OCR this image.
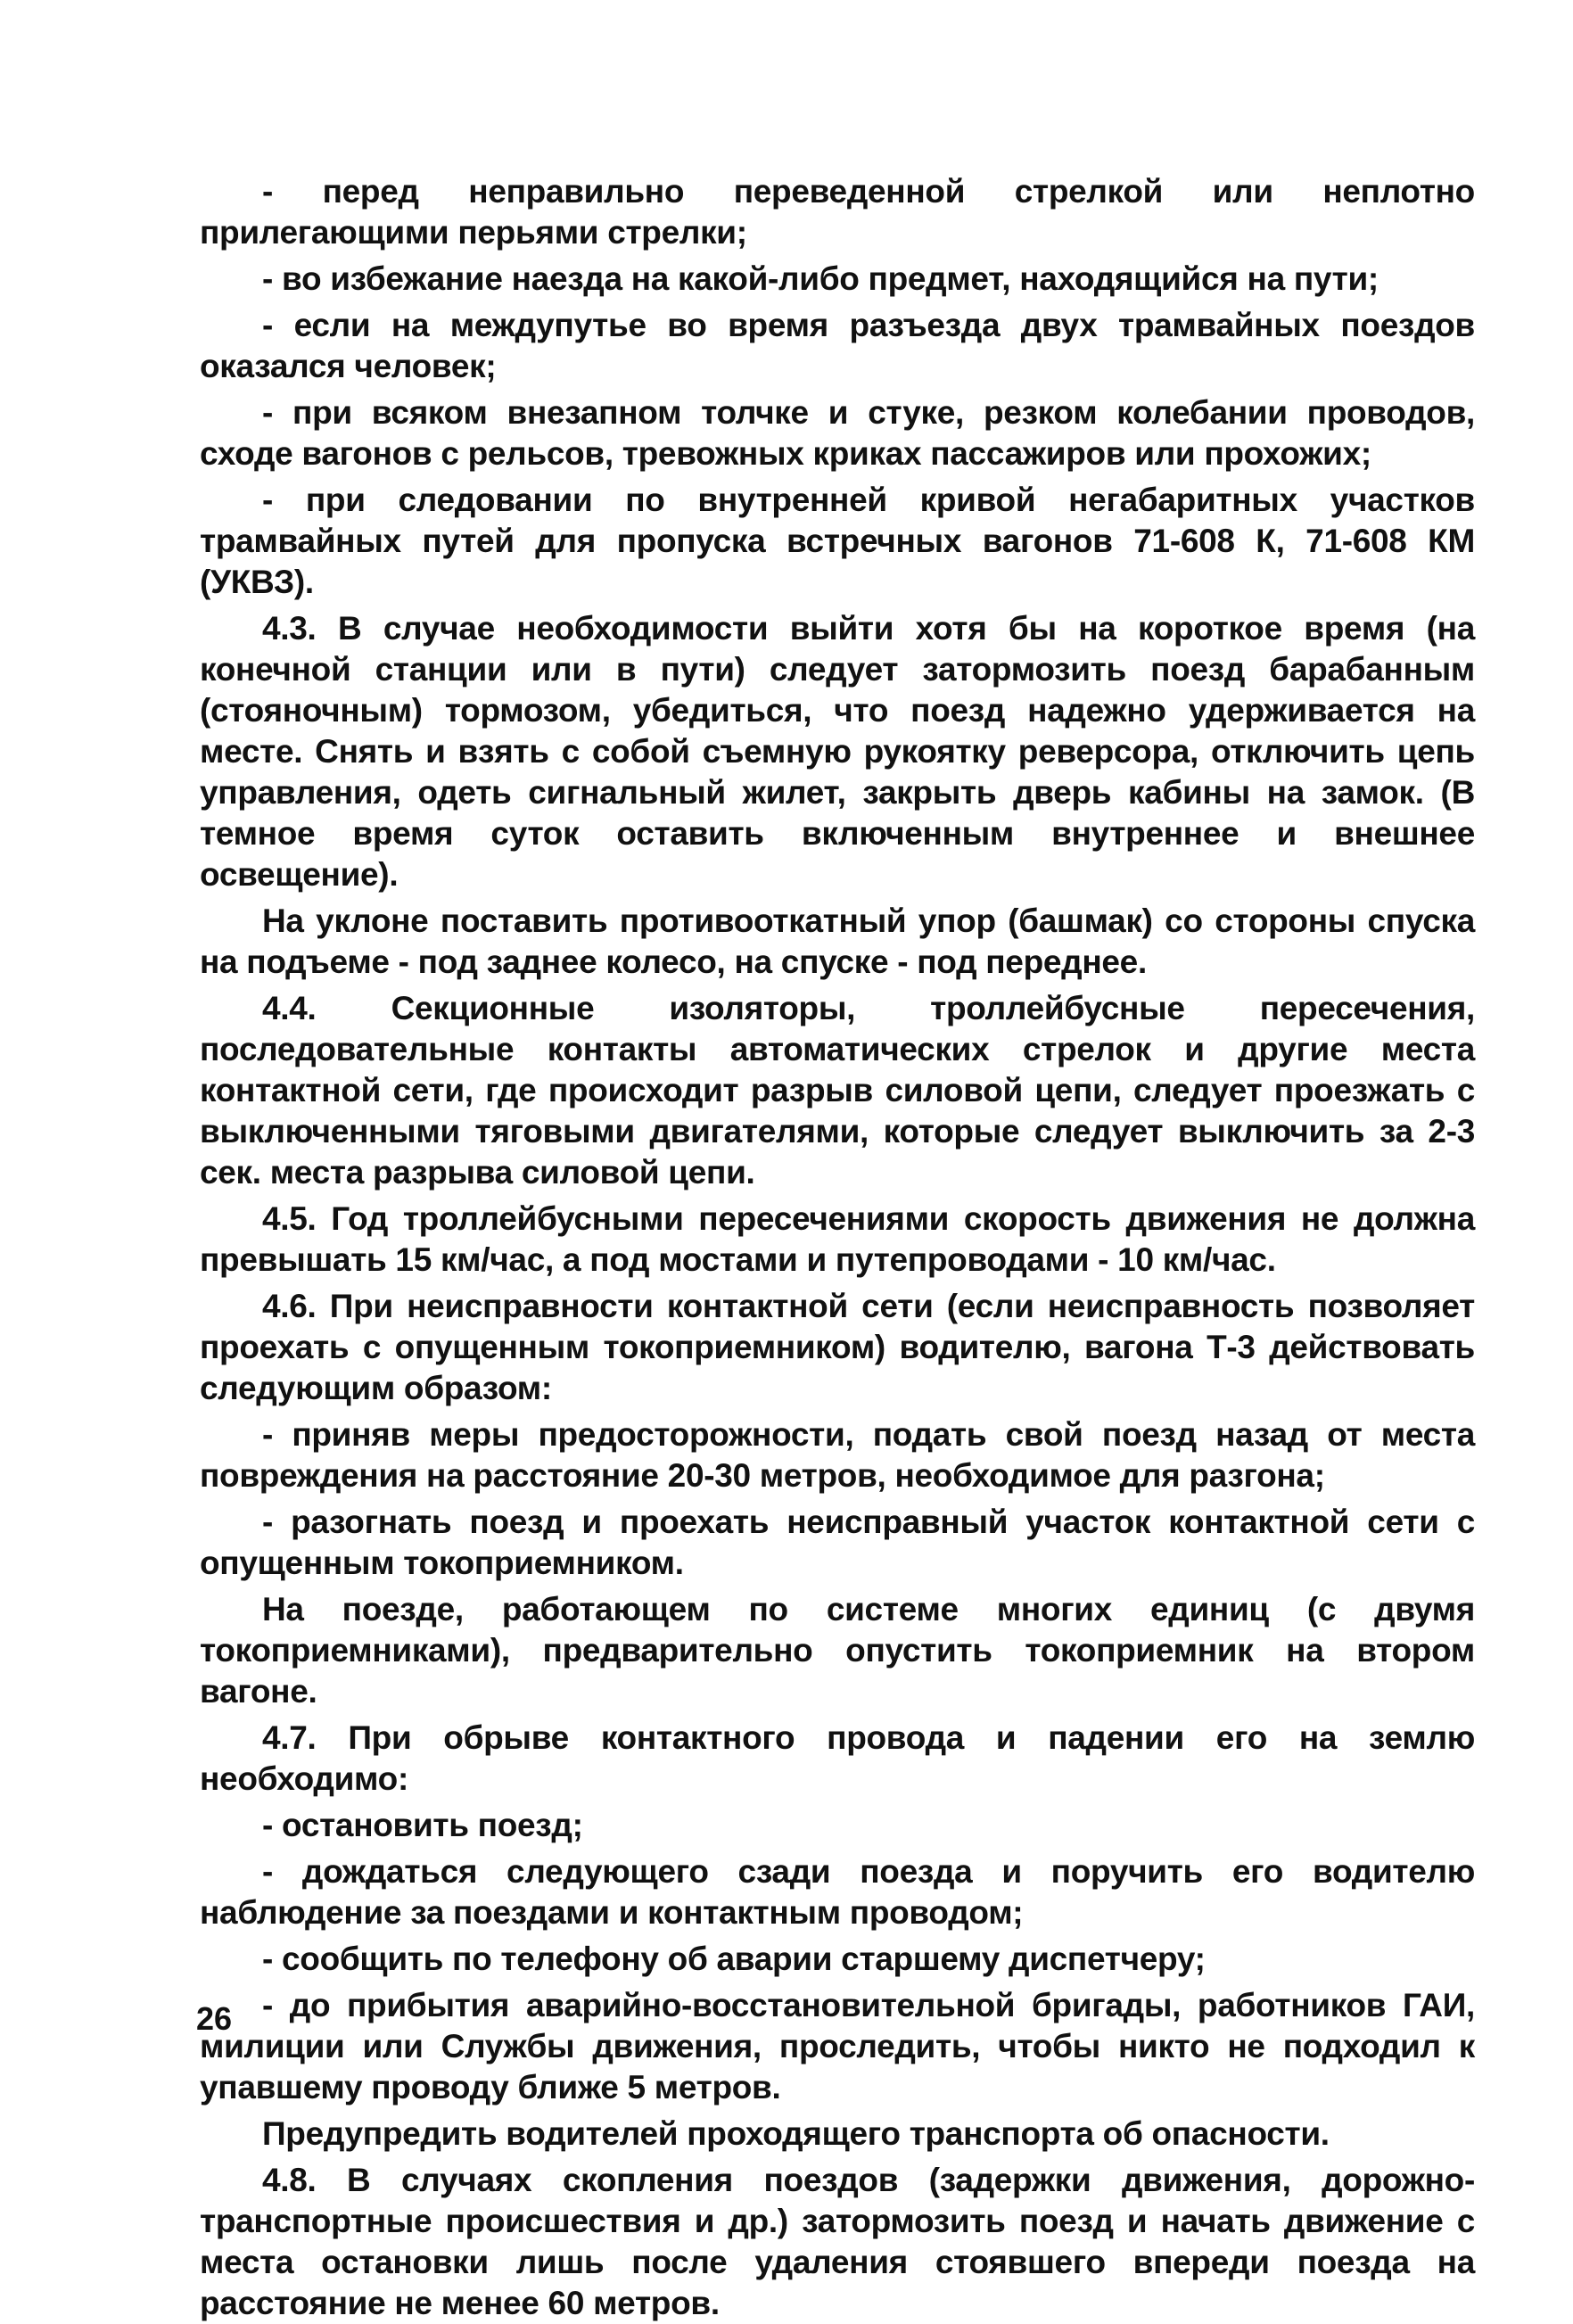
- перед неправильно переведенной стрелкой или неплотно прилегающими перьями стрелки;

- во избежание наезда на какой-либо предмет, находящийся на пути;

- если на междупутье во время разъезда двух трамвайных поездов оказался человек;

- при всяком внезапном толчке и стуке, резком колебании проводов, сходе вагонов с рельсов, тревожных криках пассажиров или прохожих;

- при следовании по внутренней кривой негабаритных участков трамвайных путей для пропуска встречных вагонов 71-608 К, 71-608 КМ (УКВЗ).

4.3. В случае необходимости выйти хотя бы на короткое время (на конечной станции или в пути) следует затормозить поезд барабанным (стояночным) тормозом, убедиться, что поезд надежно удерживается на месте. Снять и взять с собой съемную рукоятку реверсора, отключить цепь управления, одеть сигнальный жилет, закрыть дверь кабины на замок. (В темное время суток оставить включенным внутреннее и внешнее освещение).

На уклоне поставить противооткатный упор (башмак) со стороны спуска на подъеме - под заднее колесо, на спуске - под переднее.

4.4. Секционные изоляторы, троллейбусные пересечения, последовательные контакты автоматических стрелок и другие места контактной сети, где происходит разрыв силовой цепи, следует проезжать с выключенными тяговыми двигателями, которые следует выключить за 2-3 сек. места разрыва силовой цепи.

4.5. Год троллейбусными пересечениями скорость движения не должна превышать 15 км/час, а под мостами и путепроводами - 10 км/час.

4.6. При неисправности контактной сети (если неисправность позволяет проехать с опущенным токоприемником) водителю, вагона Т-3 действовать следующим образом:

- приняв меры предосторожности, подать свой поезд назад от места повреждения на расстояние 20-30 метров, необходимое для разгона;

- разогнать поезд и проехать неисправный участок контактной сети с опущенным токоприемником.

На поезде, работающем по системе многих единиц (с двумя токоприемниками), предварительно опустить токоприемник на втором вагоне.

4.7. При обрыве контактного провода и падении его на землю необходимо:

- остановить поезд;

- дождаться следующего сзади поезда и поручить его водителю наблюдение за поездами и контактным проводом;

- сообщить по телефону об аварии старшему диспетчеру;

- до прибытия аварийно-восстановительной бригады, работников ГАИ, милиции или Службы движения, проследить, чтобы никто не подходил к упавшему проводу ближе 5 метров.

Предупредить водителей проходящего транспорта об опасности.

4.8. В случаях скопления поездов (задержки движения, дорожно-транспортные происшествия и др.) затормозить поезд и начать движение с места остановки лишь после удаления стоявшего впереди поезда на расстояние не менее 60 метров.

26
